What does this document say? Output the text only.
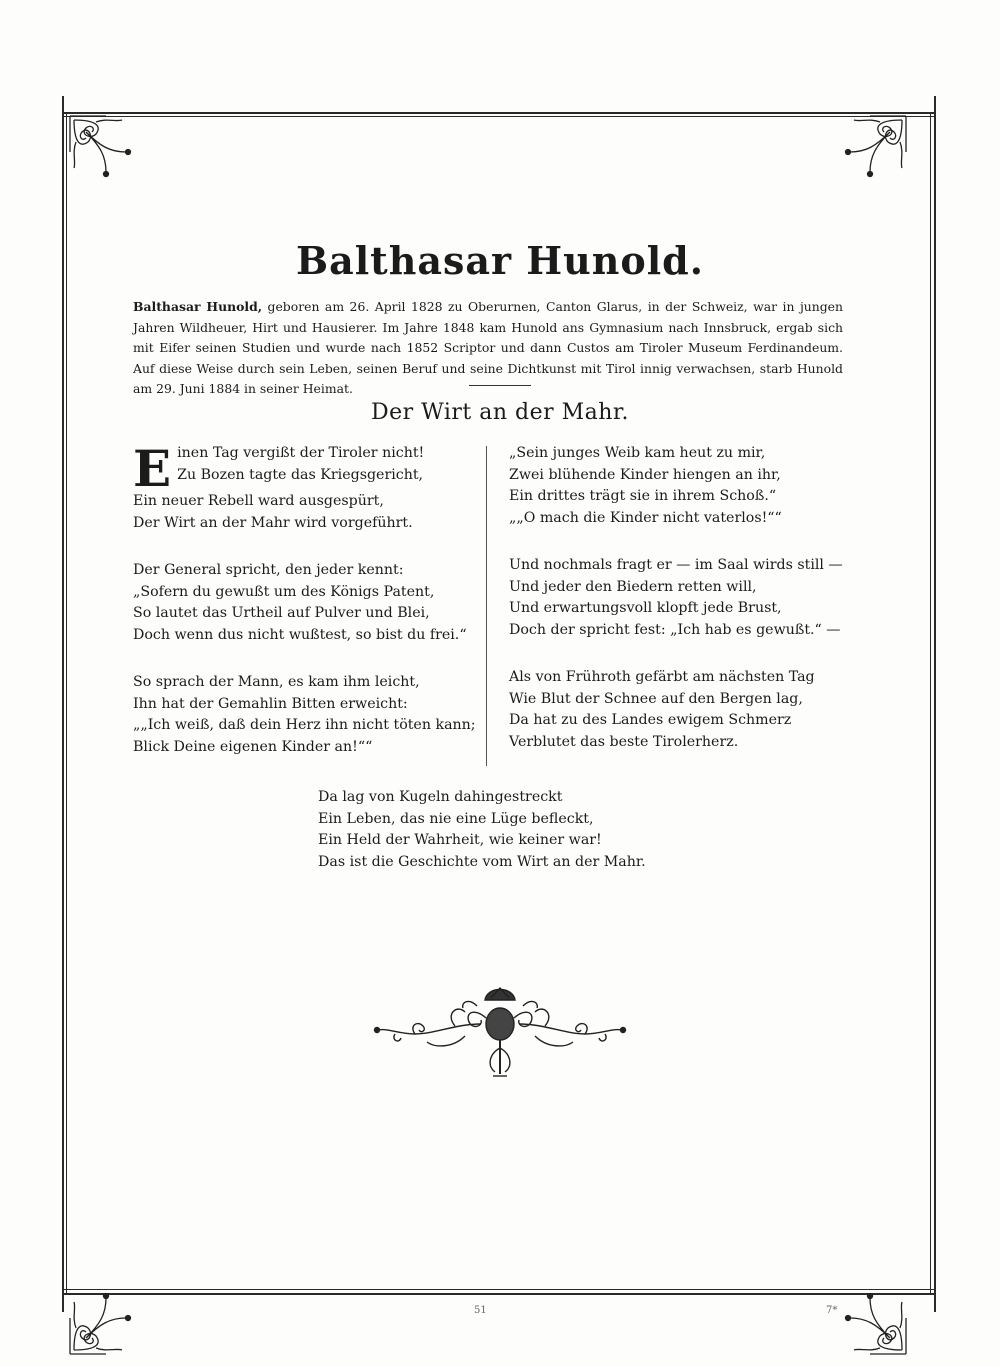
Balthasar Hunold.
Balthasar Hunold, geboren am 26. April 1828 zu Oberurnen, Canton Glarus, in der Schweiz, war in jungen Jahren Wildheuer, Hirt und Hausierer. Im Jahre 1848 kam Hunold ans Gymnasium nach Innsbruck, ergab sich mit Eifer seinen Studien und wurde nach 1852 Scriptor und dann Custos am Tiroler Museum Ferdinandeum. Auf diese Weise durch sein Leben, seinen Beruf und seine Dichtkunst mit Tirol innig verwachsen, starb Hunold am 29. Juni 1884 in seiner Heimat.
Der Wirt an der Mahr.
Einen Tag vergißt der Tiroler nicht!
Zu Bozen tagte das Kriegsgericht,
Ein neuer Rebell ward ausgespürt,
Der Wirt an der Mahr wird vorgeführt.
Der General spricht, den jeder kennt:
„Sofern du gewußt um des Königs Patent,
So lautet das Urtheil auf Pulver und Blei,
Doch wenn dus nicht wußtest, so bist du frei.“
So sprach der Mann, es kam ihm leicht,
Ihn hat der Gemahlin Bitten erweicht:
„„Ich weiß, daß dein Herz ihn nicht töten kann;
Blick Deine eigenen Kinder an!““
„Sein junges Weib kam heut zu mir,
Zwei blühende Kinder hiengen an ihr,
Ein drittes trägt sie in ihrem Schoß.“
„„O mach die Kinder nicht vaterlos!““
Und nochmals fragt er — im Saal wirds still —
Und jeder den Biedern retten will,
Und erwartungsvoll klopft jede Brust,
Doch der spricht fest: „Ich hab es gewußt.“ —
Als von Frühroth gefärbt am nächsten Tag
Wie Blut der Schnee auf den Bergen lag,
Da hat zu des Landes ewigem Schmerz
Verblutet das beste Tirolerherz.
Da lag von Kugeln dahingestreckt
Ein Leben, das nie eine Lüge befleckt,
Ein Held der Wahrheit, wie keiner war!
Das ist die Geschichte vom Wirt an der Mahr.
51	7*
